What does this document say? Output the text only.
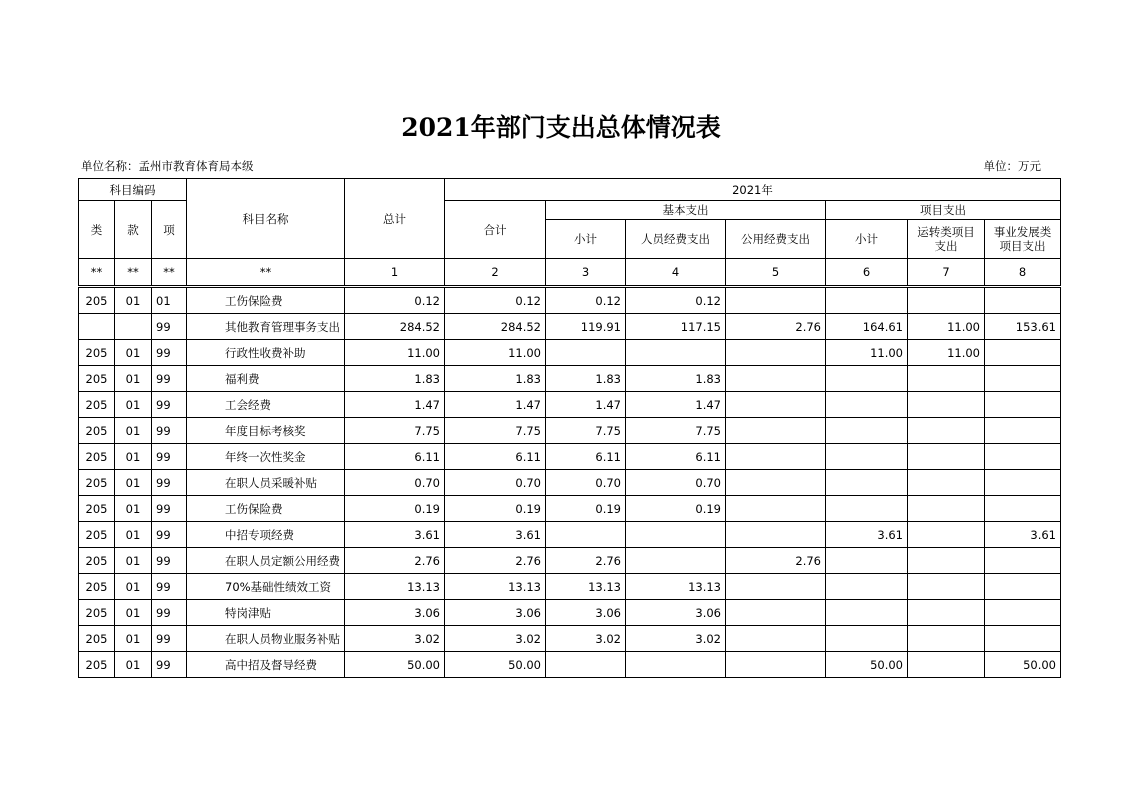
2021年部门支出总体情况表
单位名称：孟州市教育体育局本级	单位：万元
科目编码			科目名称	总计	2021年						
类	款	项			合计	基本支出			项目支出		
						小计	人员经费支出	公用经费支出	小计	运转类项目支出	事业发展类项目支出
**	**	**	**	1	2	3	4	5	6	7	8

205	01	01	工伤保险费	0.12	0.12	0.12	0.12				
		99	其他教育管理事务支出	284.52	284.52	119.91	117.15	2.76	164.61	11.00	153.61
205	01	99	行政性收费补助	11.00	11.00				11.00	11.00	
205	01	99	福利费	1.83	1.83	1.83	1.83				
205	01	99	工会经费	1.47	1.47	1.47	1.47				
205	01	99	年度目标考核奖	7.75	7.75	7.75	7.75				
205	01	99	年终一次性奖金	6.11	6.11	6.11	6.11				
205	01	99	在职人员采暖补贴	0.70	0.70	0.70	0.70				
205	01	99	工伤保险费	0.19	0.19	0.19	0.19				
205	01	99	中招专项经费	3.61	3.61				3.61		3.61
205	01	99	在职人员定额公用经费	2.76	2.76	2.76		2.76			
205	01	99	70%基础性绩效工资	13.13	13.13	13.13	13.13				
205	01	99	特岗津贴	3.06	3.06	3.06	3.06				
205	01	99	在职人员物业服务补贴	3.02	3.02	3.02	3.02				
205	01	99	高中招及督导经费	50.00	50.00				50.00		50.00
